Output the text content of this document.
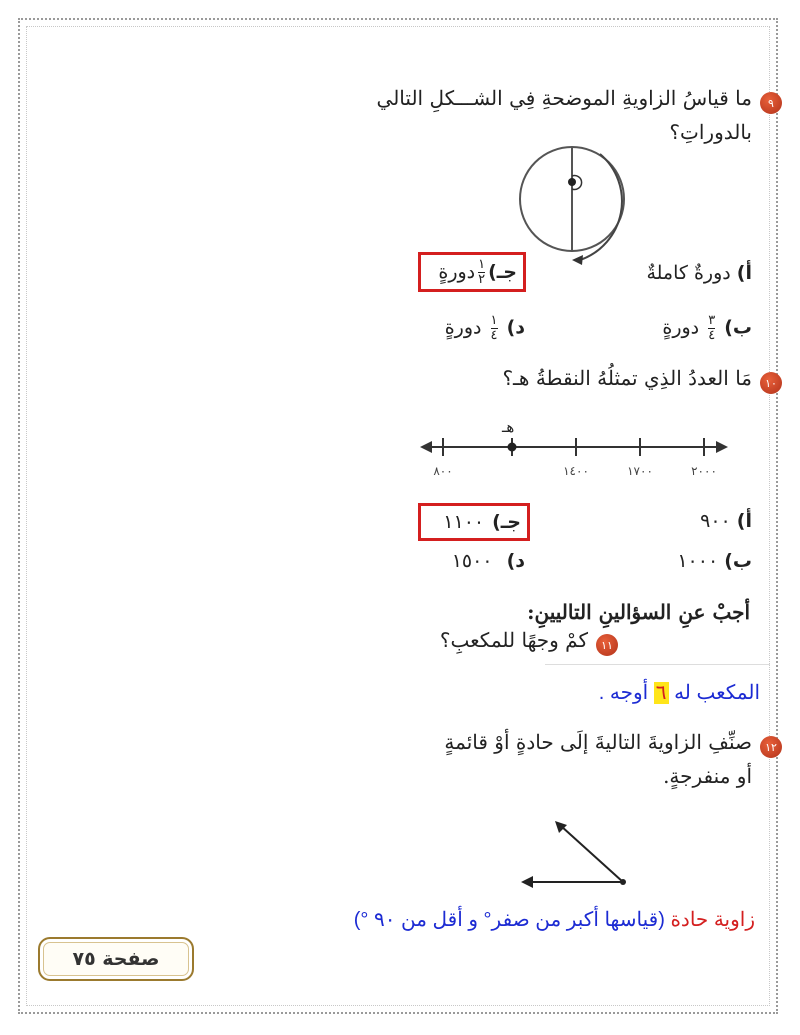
٩
ما قياسُ الزاويةِ الموضحةِ فِي الشـــكلِ التالي
بالدوراتِ؟
أ) دورةٌ كاملةٌ
جـ)
$\frac{١}{٢}$
دورةٍ
ب)
$\frac{٣}{٤}$
دورةٍ
د)
$\frac{١}{٤}$
دورةٍ
١٠
مَا العددُ الذِي تمثلُهُ النقطةُ هـ؟
هـ
٨٠٠	١٤٠٠	١٧٠٠	٢٠٠٠
أ) ٩٠٠
جـ)
١١٠٠
ب) ١٠٠٠
د) ١٥٠٠
أجبْ عنِ السؤالينِ التاليينِ:
١١
كمْ وجهًا للمكعبِ؟
المكعب له ٦ أوجه .
١٢
صنِّفِ الزاويةَ التاليةَ إلَى حادةٍ أوْ قائمةٍ
أو منفرجةٍ.
زاوية حادة (قياسها أكبر من صفر° و أقل من ٩٠ °)
صفحة ٧٥
